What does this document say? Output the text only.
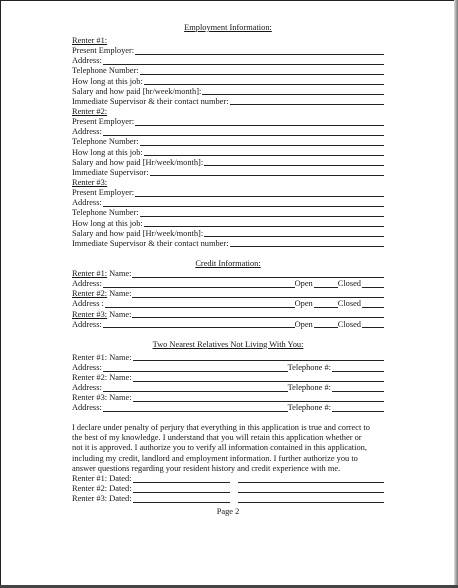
Employment Information:
Renter #1:
Present Employer:
Address:
Telephone Number:
How long at this job:
Salary and how paid [hr/week/month]:
Immediate Supervisor & their contact number:
Renter #2:
Present Employer:
Address:
Telephone Number:
How long at this job:
Salary and how paid [Hr/week/month]:
Immediate Supervisor:
Renter #3:
Present Employer:
Address:
Telephone Number:
How long at this job:
Salary and how paid [Hr/week/month]:
Immediate Supervisor & their contact number:
Credit Information:
Renter #1: Name:
Address:	Open	Closed
Renter #2: Name:
Address :	Open	Closed
Renter #3: Name:
Address:	Open	Closed
Two Nearest Relatives Not Living With You:
Renter #1: Name:
Address:	Telephone #:
Renter #2: Name:
Address:	Telephone #:
Renter #3: Name:
Address:	Telephone #:

I declare under penalty of perjury that everything in this application is true and correct to the best of my knowledge. I understand that you will retain this application whether or not it is approved. I authorize you to verify all information contained in this application, including my credit, landlord and employment information. I further authorize you to answer questions regarding your resident history and credit experience with me.

Renter #1: Dated:
Renter #2: Dated:
Renter #3: Dated:
Page 2
